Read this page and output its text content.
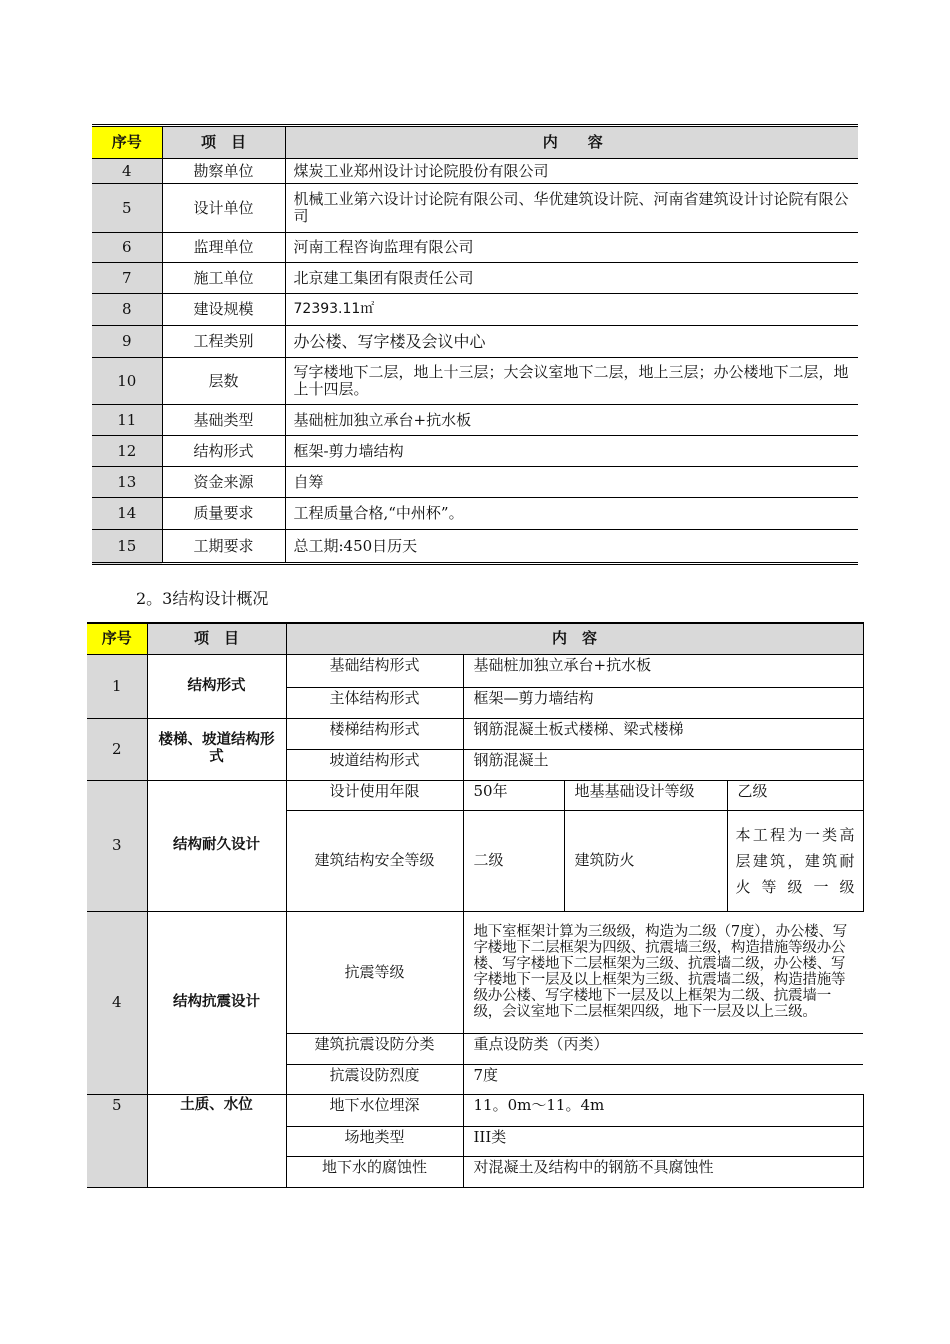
序号	项　目	内　　容
4	勘察单位	煤炭工业郑州设计讨论院股份有限公司
5	设计单位	机械工业第六设计讨论院有限公司、华优建筑设计院、河南省建筑设计讨论院有限公司
6	监理单位	河南工程咨询监理有限公司
7	施工单位	北京建工集团有限责任公司
8	建设规模	72393.11㎡
9	工程类别	办公楼、写字楼及会议中心
10	层数	写字楼地下二层，地上十三层；大会议室地下二层，地上三层；办公楼地下二层，地上十四层。
11	基础类型	基础桩加独立承台+抗水板
12	结构形式	框架-剪力墙结构
13	资金来源	自筹
14	质量要求	工程质量合格,“中州杯”。
15	工期要求	总工期:450日历天
2。3结构设计概况
序号	项　目	内　容			
1	结构形式	基础结构形式	基础桩加独立承台+抗水板		
		主体结构形式	框架—剪力墙结构		
2	楼梯、坡道结构形式	楼梯结构形式	钢筋混凝土板式楼梯、梁式楼梯		
		坡道结构形式	钢筋混凝土		
3	结构耐久设计	设计使用年限	50年	地基基础设计等级	乙级
		建筑结构安全等级	二级	建筑防火	本工程为一类高层建筑，建筑耐火等级一级
4	结构抗震设计	抗震等级	地下室框架计算为三级级，构造为二级（7度），办公楼、写字楼地下二层框架为四级、抗震墙三级，构造措施等级办公楼、写字楼地下二层框架为三级、抗震墙二级，办公楼、写字楼地下一层及以上框架为三级、抗震墙二级，构造措施等级办公楼、写字楼地下一层及以上框架为二级、抗震墙一级，会议室地下二层框架四级，地下一层及以上三级。		
		建筑抗震设防分类	重点设防类（丙类）		
		抗震设防烈度	7度		
5	土质、水位	地下水位埋深	11。0m～11。4m		
		场地类型	III类		
		地下水的腐蚀性	对混凝土及结构中的钢筋不具腐蚀性		
